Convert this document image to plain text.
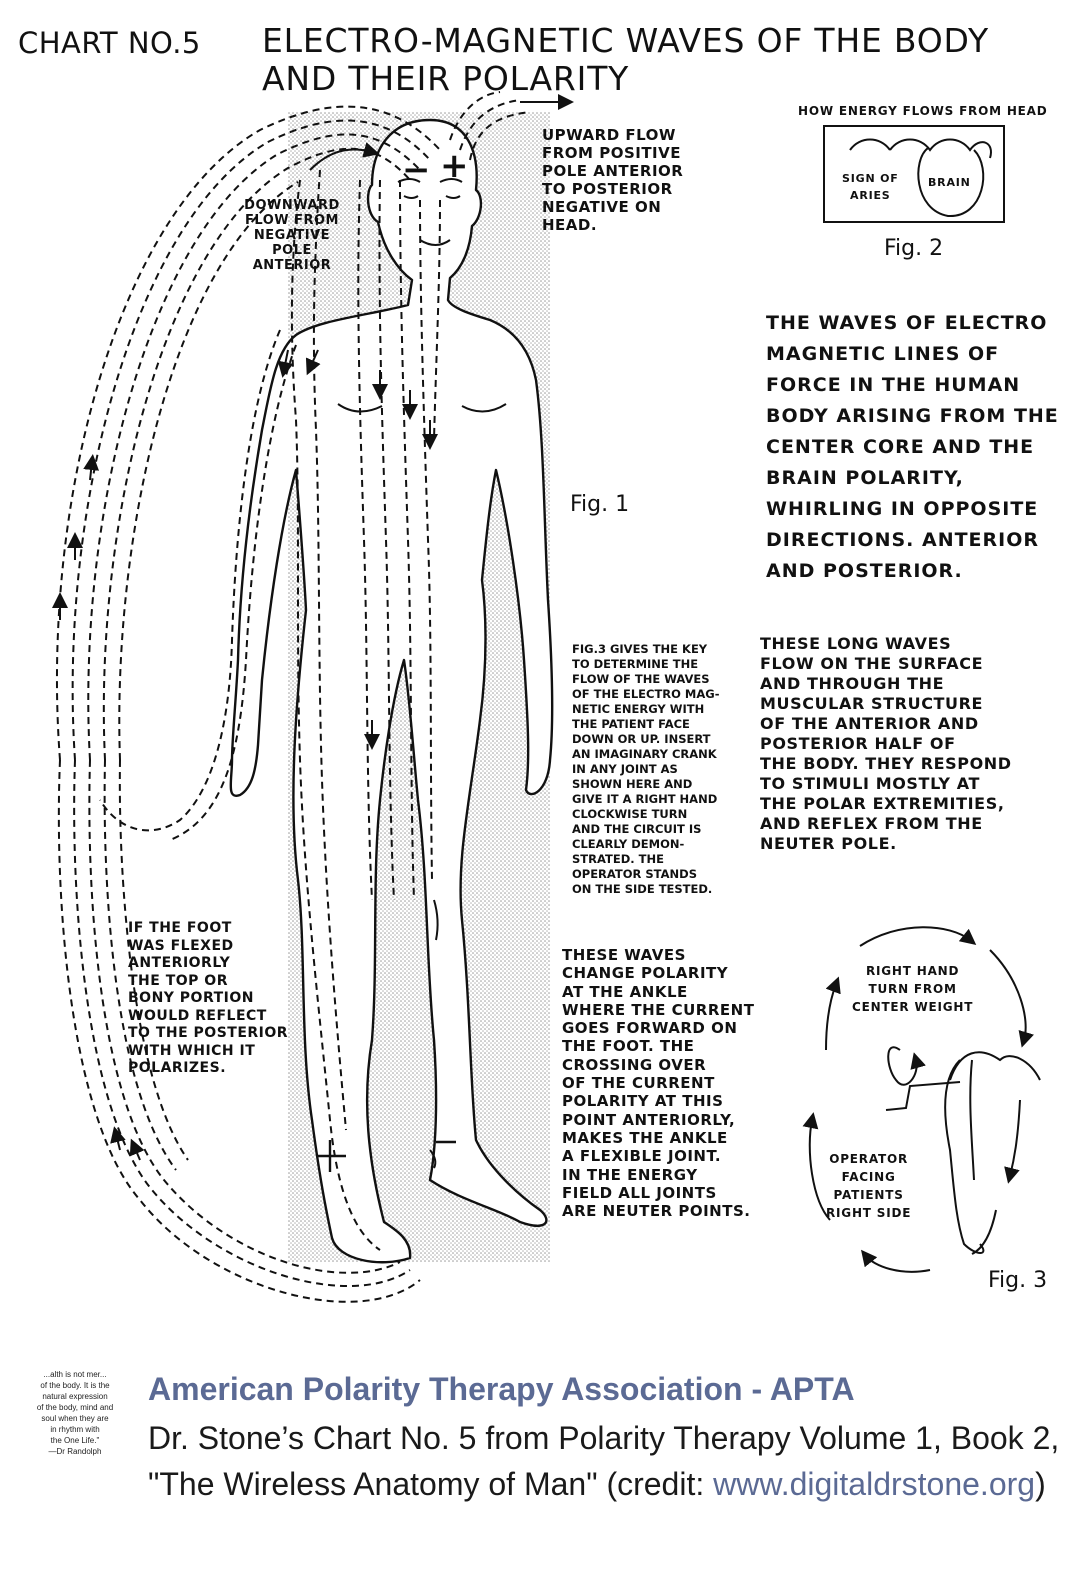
CHART NO.5 ELECTRO-MAGNETIC WAVES OF THE BODY
AND THEIR POLARITY
− +
UPWARD FLOW
FROM POSITIVE
POLE ANTERIOR
TO POSTERIOR
NEGATIVE ON
HEAD.
DOWNWARD
FLOW FROM
NEGATIVE
POLE
ANTERIOR
HOW ENERGY FLOWS FROM HEAD
SIGN OF
ARIES
BRAIN
Fig. 2
THE WAVES OF ELECTRO
MAGNETIC LINES OF
FORCE IN THE HUMAN
BODY ARISING FROM THE
CENTER CORE AND THE
BRAIN POLARITY,
WHIRLING IN OPPOSITE
DIRECTIONS. ANTERIOR
AND POSTERIOR.
Fig. 1
FIG.3 GIVES THE KEY
TO DETERMINE THE
FLOW OF THE WAVES
OF THE ELECTRO MAG-
NETIC ENERGY WITH
THE PATIENT FACE
DOWN OR UP. INSERT
AN IMAGINARY CRANK
IN ANY JOINT AS
SHOWN HERE AND
GIVE IT A RIGHT HAND
CLOCKWISE TURN
AND THE CIRCUIT IS
CLEARLY DEMON-
STRATED. THE
OPERATOR STANDS
ON THE SIDE TESTED.
THESE LONG WAVES
FLOW ON THE SURFACE
AND THROUGH THE
MUSCULAR STRUCTURE
OF THE ANTERIOR AND
POSTERIOR HALF OF
THE BODY. THEY RESPOND
TO STIMULI MOSTLY AT
THE POLAR EXTREMITIES,
AND REFLEX FROM THE
NEUTER POLE.
IF THE FOOT
WAS FLEXED
ANTERIORLY
THE TOP OR
BONY PORTION
WOULD REFLECT
TO THE POSTERIOR
WITH WHICH IT
POLARIZES.
THESE WAVES
CHANGE POLARITY
AT THE ANKLE
WHERE THE CURRENT
GOES FORWARD ON
THE FOOT. THE
CROSSING OVER
OF THE CURRENT
POLARITY AT THIS
POINT ANTERIORLY,
MAKES THE ANKLE
A FLEXIBLE JOINT.
IN THE ENERGY
FIELD ALL JOINTS
ARE NEUTER POINTS.
RIGHT HAND
TURN FROM
CENTER WEIGHT
OPERATOR
FACING
PATIENTS
RIGHT SIDE
Fig. 3
...alth is not mer...
of the body. It is the
natural expression
of the body, mind and
soul when they are
in rhythm with
the One Life."
—Dr Randolph
American Polarity Therapy Association - APTA
Dr. Stone’s Chart No. 5 from Polarity Therapy Volume 1, Book 2, "The Wireless Anatomy of Man" (credit: www.digitaldrstone.org)
